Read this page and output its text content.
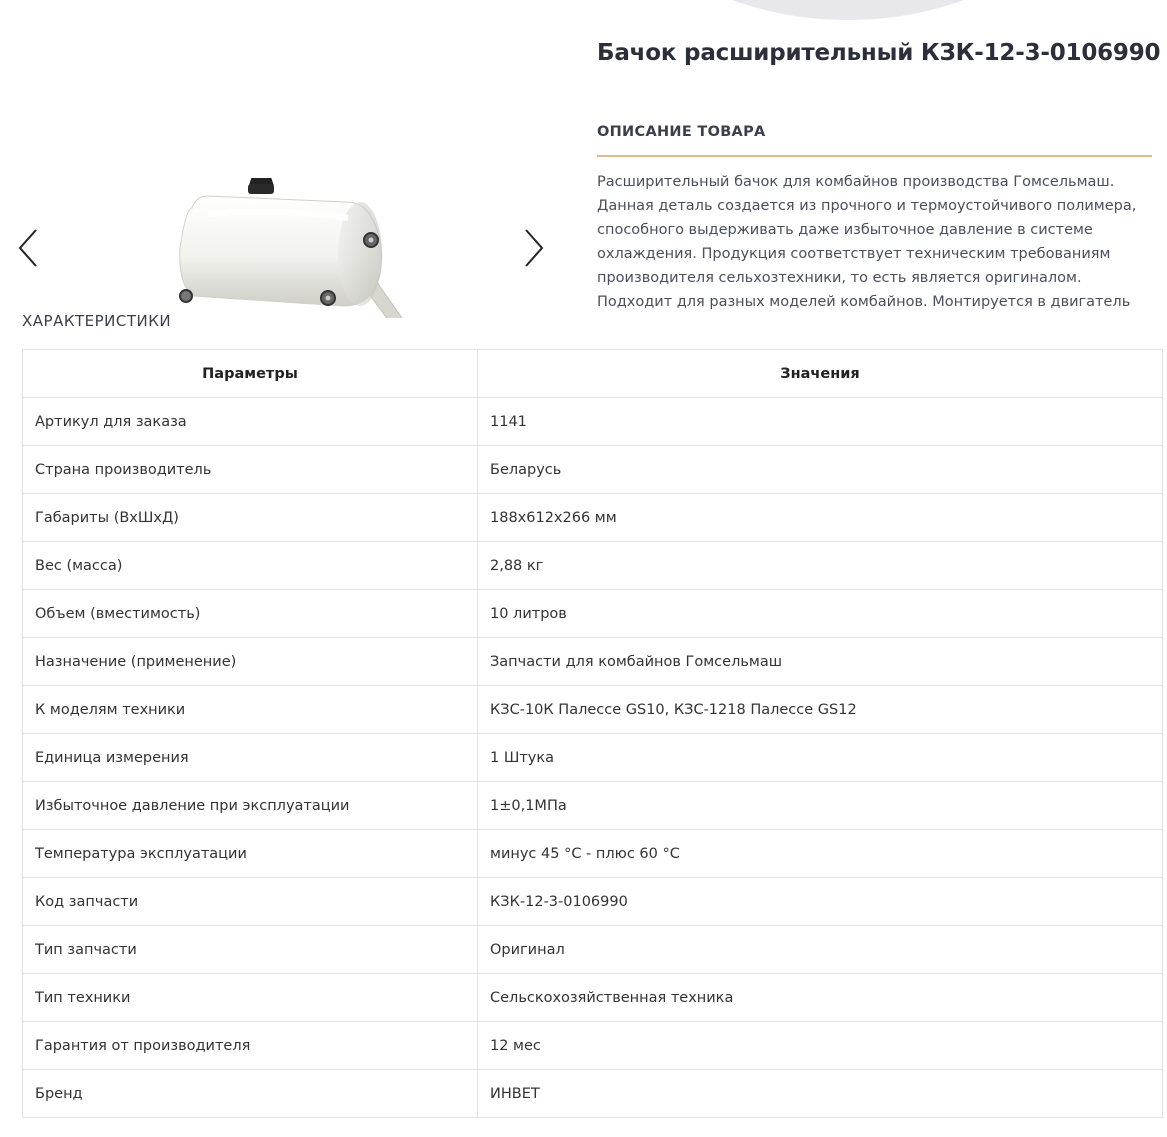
Бачок расширительный КЗК-12-3-0106990
ОПИСАНИЕ ТОВАРА

Расширительный бачок для комбайнов производства Гомсельмаш. Данная деталь создается из прочного и термоустойчивого полимера, способного выдерживать даже избыточное давление в системе охлаждения. Продукция соответствует техническим требованиям производителя сельхозтехники, то есть является оригиналом. Подходит для разных моделей комбайнов. Монтируется в двигатель

ХАРАКТЕРИСТИКИ
Параметры	Значения
Артикул для заказа	1141
Страна производитель	Беларусь
Габариты (ВхШхД)	188х612х266 мм
Вес (масса)	2,88 кг
Объем (вместимость)	10 литров
Назначение (применение)	Запчасти для комбайнов Гомсельмаш
К моделям техники	КЗС-10К Палессе GS10, КЗС-1218 Палессе GS12
Единица измерения	1 Штука
Избыточное давление при эксплуатации	1±0,1МПа
Температура эксплуатации	минус 45 °С - плюс 60 °С
Код запчасти	КЗК-12-3-0106990
Тип запчасти	Оригинал
Тип техники	Сельскохозяйственная техника
Гарантия от производителя	12 мес
Бренд	ИНВЕТ
